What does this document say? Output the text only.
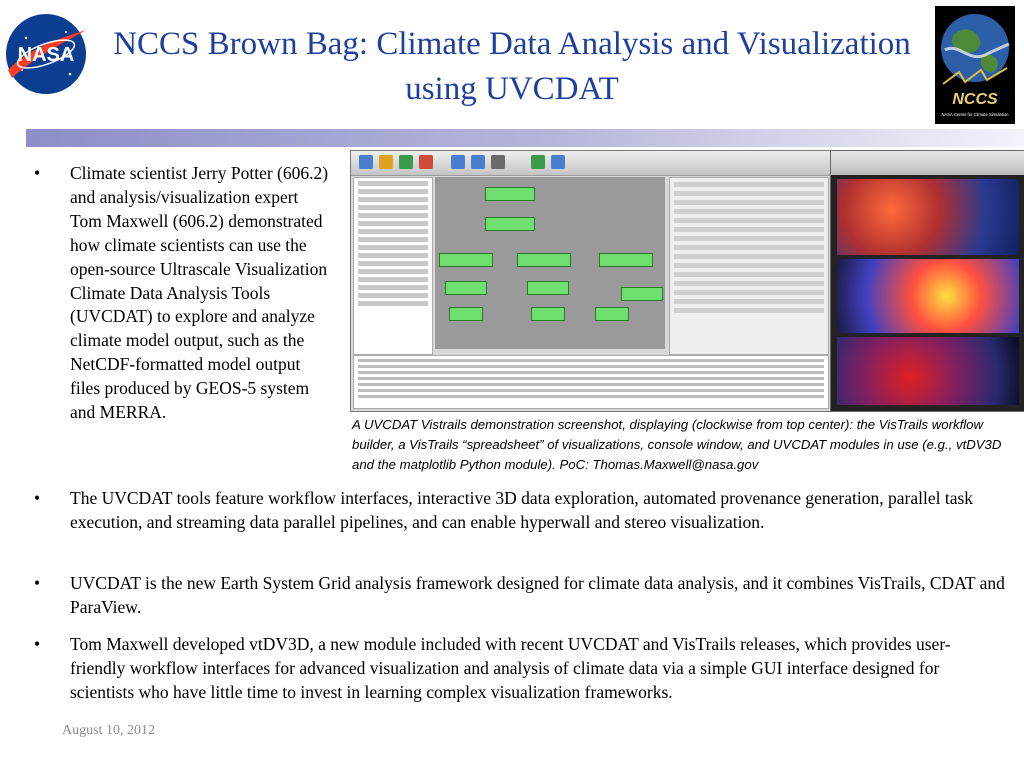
NASA NCCS Brown Bag: Climate Data Analysis and Visualization using UVCDAT	NCCS
NASA Center for Climate Simulation
• Climate scientist Jerry Potter (606.2) and analysis/visualization expert Tom Maxwell (606.2) demonstrated how climate scientists can use the open-source Ultrascale Visualization Climate Data Analysis Tools (UVCDAT) to explore and analyze climate model output, such as the NetCDF-formatted model output files produced by GEOS-5 system and MERRA.
A UVCDAT Vistrails demonstration screenshot, displaying (clockwise from top center): the VisTrails workflow builder, a VisTrails “spreadsheet” of visualizations, console window, and UVCDAT modules in use (e.g., vtDV3D and the matplotlib Python module). PoC: Thomas.Maxwell@nasa.gov
• The UVCDAT tools feature workflow interfaces, interactive 3D data exploration, automated provenance generation, parallel task execution, and streaming data parallel pipelines, and can enable hyperwall and stereo visualization.
• UVCDAT is the new Earth System Grid analysis framework designed for climate data analysis, and it combines VisTrails, CDAT and ParaView.
• Tom Maxwell developed vtDV3D, a new module included with recent UVCDAT and VisTrails releases, which provides user-friendly workflow interfaces for advanced visualization and analysis of climate data via a simple GUI interface designed for scientists who have little time to invest in learning complex visualization frameworks.
August 10, 2012
